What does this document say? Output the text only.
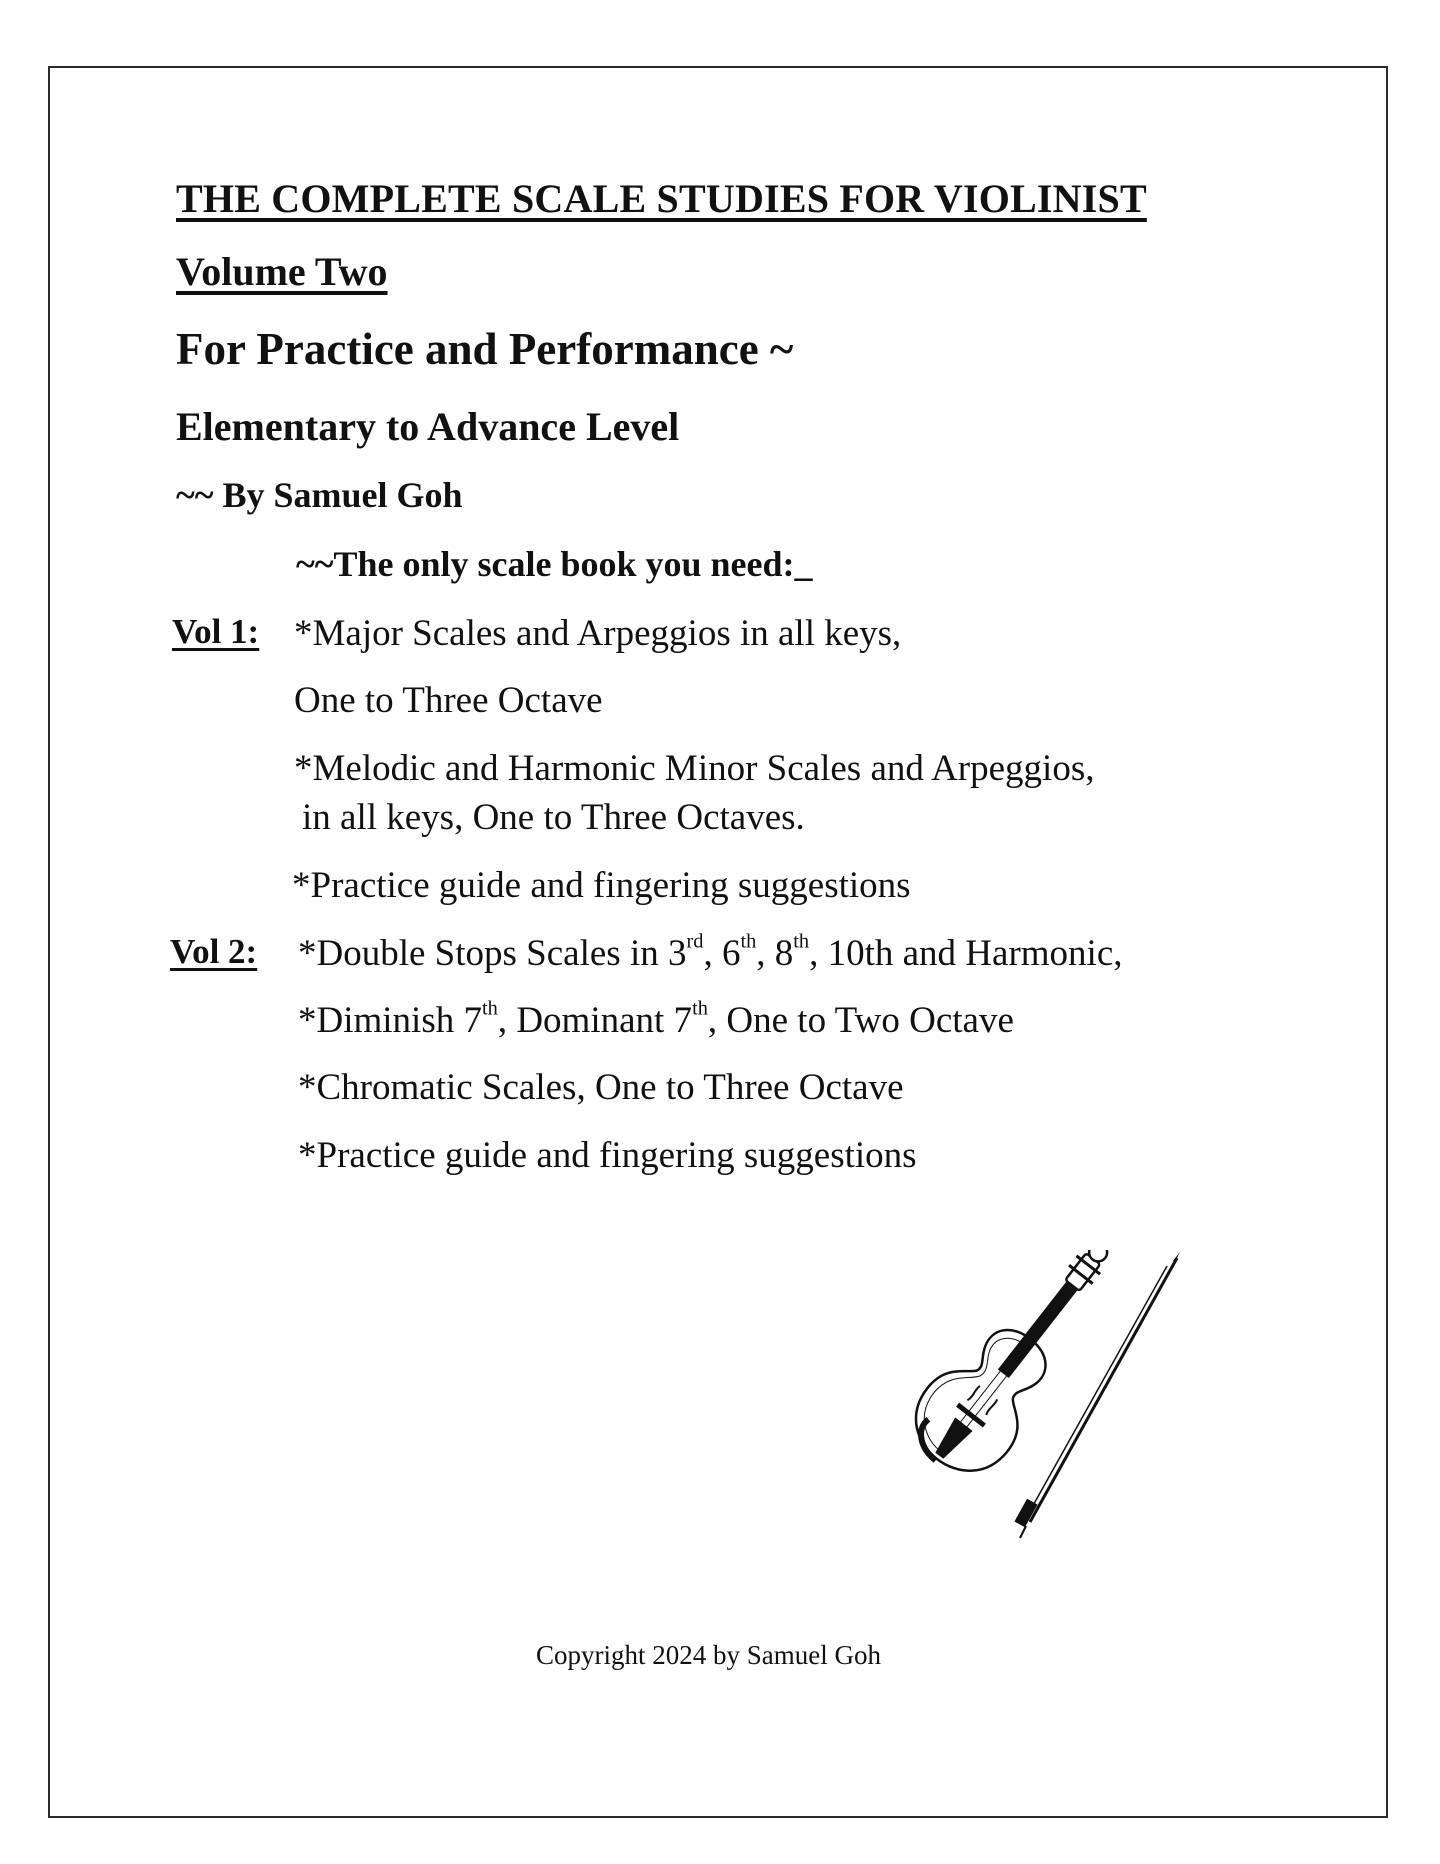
THE COMPLETE SCALE STUDIES FOR VIOLINIST
Volume Two
For Practice and Performance ~
Elementary to Advance Level
~~ By Samuel Goh
~~The only scale book you need:_
Vol 1: *Major Scales and Arpeggios in all keys,
One to Three Octave
*Melodic and Harmonic Minor Scales and Arpeggios,
in all keys, One to Three Octaves.
*Practice guide and fingering suggestions
Vol 2: *Double Stops Scales in 3rd, 6th, 8th, 10th and Harmonic,
*Diminish 7th, Dominant 7th, One to Two Octave
*Chromatic Scales, One to Three Octave
*Practice guide and fingering suggestions
Copyright 2024 by Samuel Goh
